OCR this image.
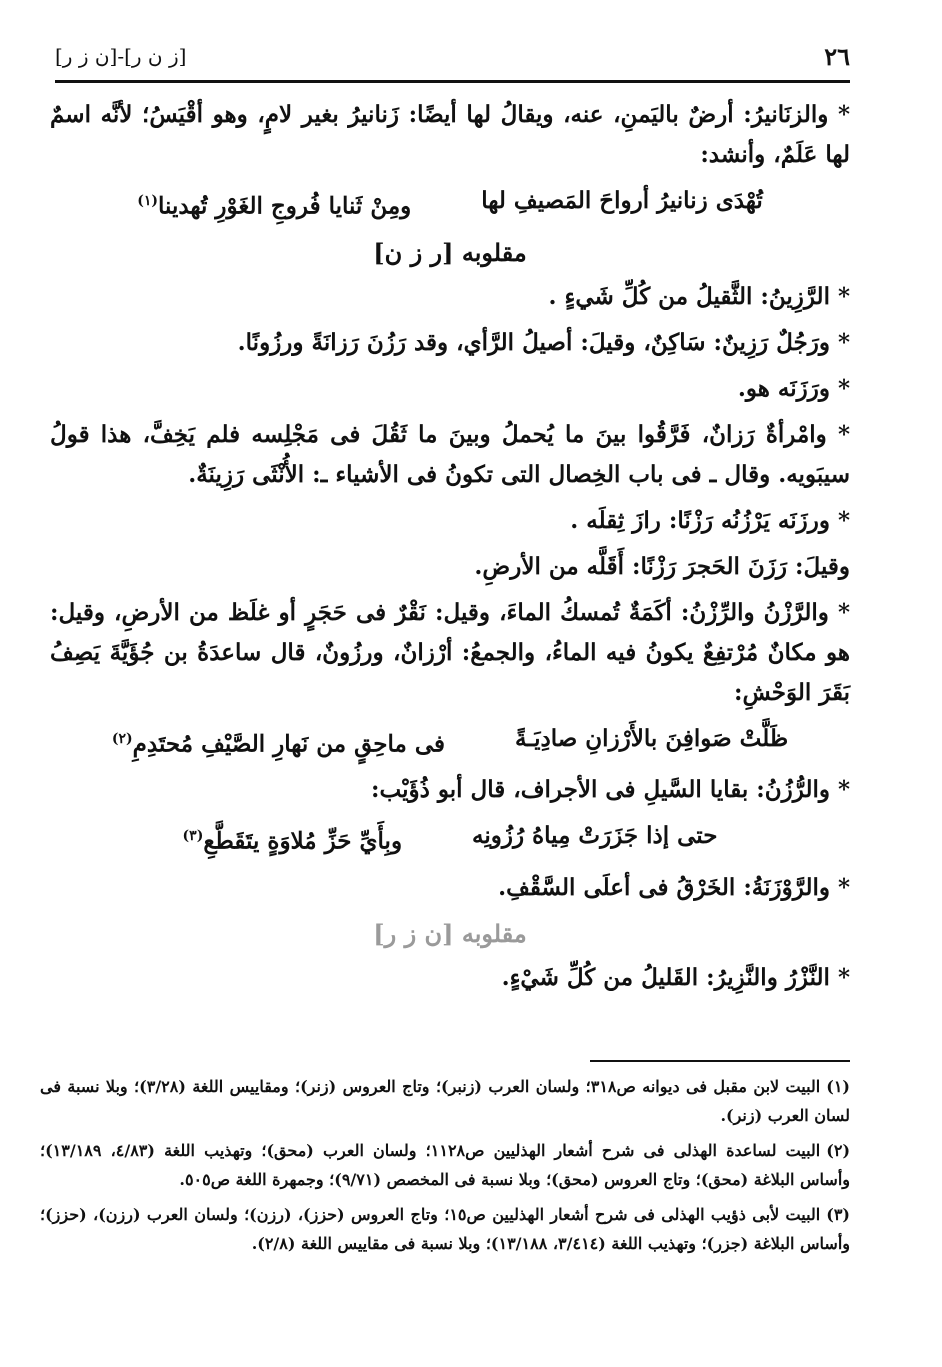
٢٦
[ز ن ر]-[ن ز ر]

* والزنَانيرُ: أرضٌ باليَمنِ، عنه، ويقالُ لها أيضًا: زَنانيرُ بغير لامٍ، وهو أقْيَسُ؛ لأنَّه اسمٌ لها عَلَمٌ، وأنشد:

تُهْدَى زنانيرُ أرواحَ المَصيفِ لها
ومِنْ ثَنايا فُروجِ الغَوْرِ تُهدينا$^{(١)}$
مقلوبه [ر ز ن]

* الرَّزِينُ: الثَّقيلُ من كُلِّ شَيءٍ .

* ورَجُلٌ رَزِينٌ: سَاكِنٌ، وقيلَ: أصيلُ الرَّأي، وقد رَزُنَ رَزانَةً ورزُونًا.

* ورَزَنَه هو.

* وامْرأةٌ رَزانٌ، فَرَّقُوا بينَ ما يُحملُ وبينَ ما ثَقُلَ فى مَجْلِسه فلم يَخِفَّ، هذا قولُ سيبَويه. وقال ـ فى باب الخِصال التى تكونُ فى الأشياء ـ: الأُنْثَى رَزِينَةٌ.

* ورزَنَه يَرْزُنُه رَزْنًا: رازَ ثِقلَه .

وقيلَ: رَزَنَ الحَجرَ رَزْنًا: أَقَلَّه من الأرضِ.

* والرَّزْنُ والرِّزْنُ: أكَمَةٌ تُمسكُ الماءَ، وقيل: نَقْرٌ فى حَجَرٍ أو غلَظ من الأرضِ، وقيل: هو مكانٌ مُرْتفِعٌ يكونُ فيه الماءُ، والجمعُ: أرْزانٌ، ورزُونٌ، قال ساعدَةُ بن جُؤَيَّةَ يَصِفُ بَقَرَ الوَحْشِ:

ظَلَّتْ صَوافِنَ بالأَرْزانِ صادِيَـةً
فى ماحِقٍ من نَهارِ الصَّيْفِ مُحتَدِمِ$^{(٢)}$

* والرُّزُنُ: بقايا السَّيلِ فى الأجراف، قال أبو ذُؤَيْب:

حتى إذا جَزَرَتْ مِياهُ رُزُونِه
وبِأَيِّ حَزِّ مُلاوَةٍ يتَقَطَّعِ$^{(٣)}$

* والرَّوْزَنَةُ: الخَرْقُ فى أعلَى السَّقْفِ.

مقلوبه [ن ز ر]

* النَّزْرُ والنَّزِيرُ: القَليلُ من كُلِّ شَيْءٍ.

(١)البيت لابن مقبل فى ديوانه ص٣١٨؛ ولسان العرب (زنبر)؛ وتاج العروس (زنر)؛ ومقاييس اللغة (٣/٢٨)؛ وبلا نسبة فى لسان العرب (زنر).

(٢)البيت لساعدة الهذلى فى شرح أشعار الهذليين ص١١٢٨؛ ولسان العرب (محق)؛ وتهذيب اللغة (٤/٨٣، ١٣/١٨٩)؛ وأساس البلاغة (محق)؛ وتاج العروس (محق)؛ وبلا نسبة فى المخصص (٩/٧١)؛ وجمهرة اللغة ص٥٠٥.

(٣)البيت لأبى ذؤيب الهذلى فى شرح أشعار الهذليين ص١٥؛ وتاج العروس (حزز)، (رزن)؛ ولسان العرب (رزن)، (حزز)؛ وأساس البلاغة (جزر)؛ وتهذيب اللغة (٣/٤١٤، ١٣/١٨٨)؛ وبلا نسبة فى مقاييس اللغة (٢/٨).
